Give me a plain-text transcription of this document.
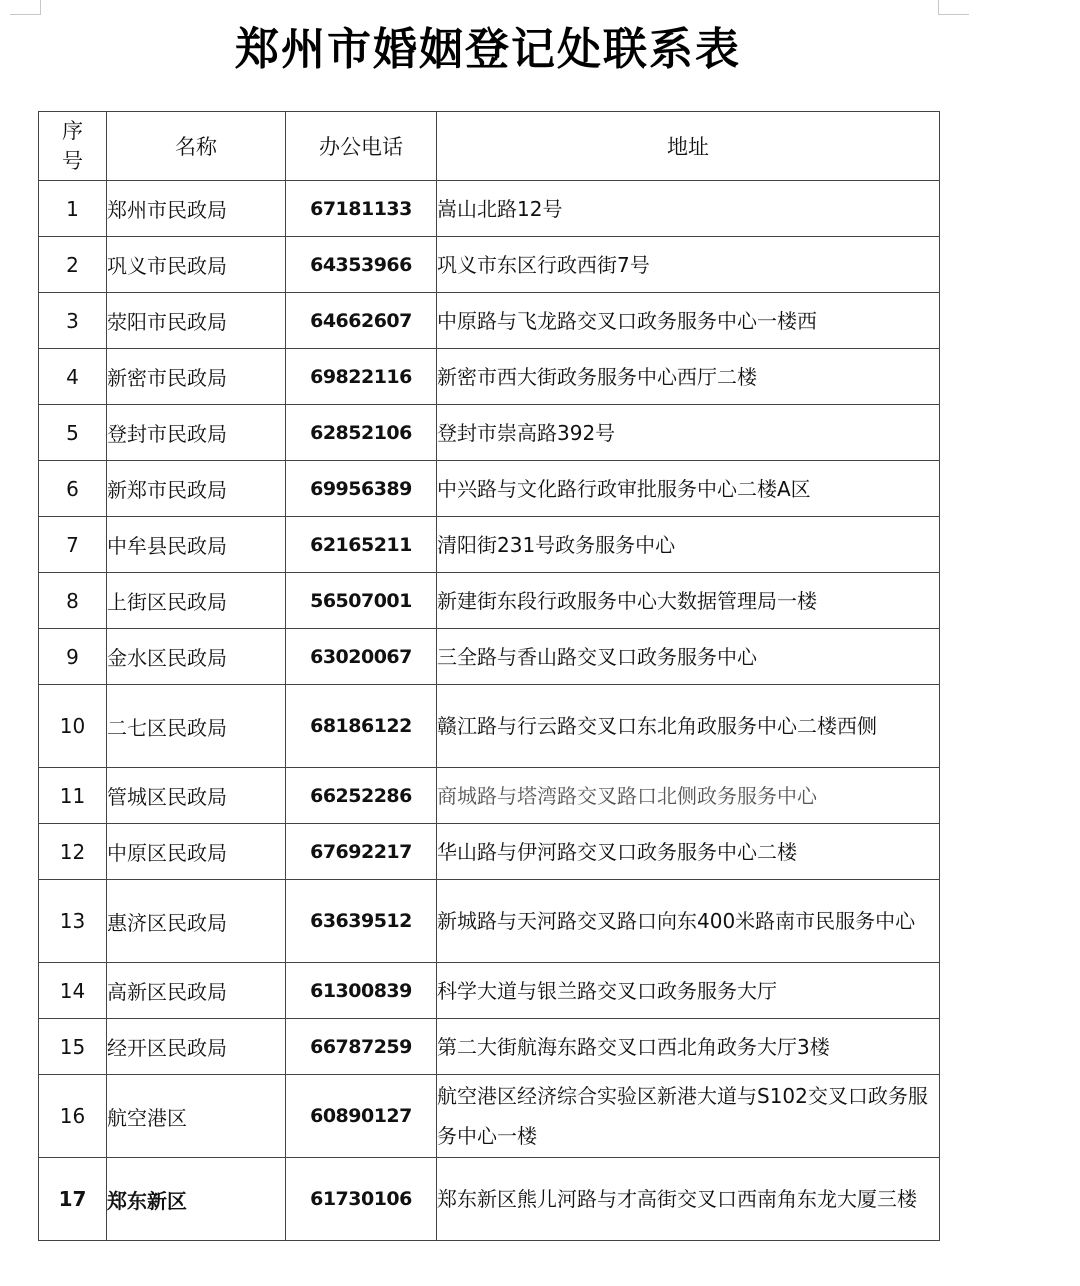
郑州市婚姻登记处联系表
序号	名称	办公电话	地址
1	郑州市民政局	67181133	嵩山北路12号
2	巩义市民政局	64353966	巩义市东区行政西街7号
3	荥阳市民政局	64662607	中原路与飞龙路交叉口政务服务中心一楼西
4	新密市民政局	69822116	新密市西大街政务服务中心西厅二楼
5	登封市民政局	62852106	登封市崇高路392号
6	新郑市民政局	69956389	中兴路与文化路行政审批服务中心二楼A区
7	中牟县民政局	62165211	清阳街231号政务服务中心
8	上街区民政局	56507001	新建街东段行政服务中心大数据管理局一楼
9	金水区民政局	63020067	三全路与香山路交叉口政务服务中心
10	二七区民政局	68186122	赣江路与行云路交叉口东北角政服务中心二楼西侧
11	管城区民政局	66252286	商城路与塔湾路交叉路口北侧政务服务中心
12	中原区民政局	67692217	华山路与伊河路交叉口政务服务中心二楼
13	惠济区民政局	63639512	新城路与天河路交叉路口向东400米路南市民服务中心
14	高新区民政局	61300839	科学大道与银兰路交叉口政务服务大厅
15	经开区民政局	66787259	第二大街航海东路交叉口西北角政务大厅3楼
16	航空港区	60890127	航空港区经济综合实验区新港大道与S102交叉口政务服务中心一楼
17	郑东新区	61730106	郑东新区熊儿河路与才高街交叉口西南角东龙大厦三楼
